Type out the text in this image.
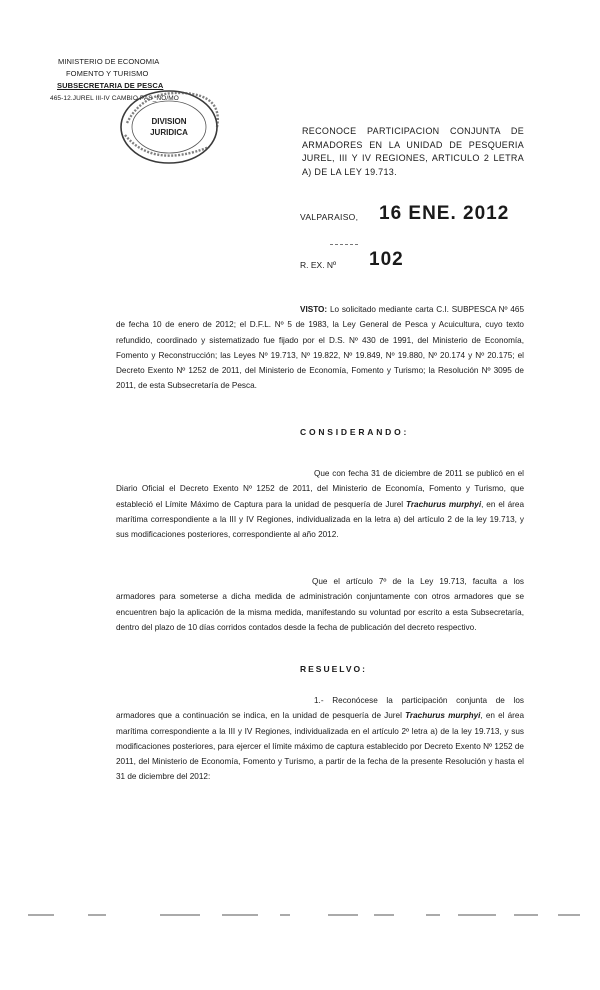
MINISTERIO DE ECONOMIA
FOMENTO Y TURISMO
SUBSECRETARIA DE PESCA
465-12.JUREL III-IV CAMBIO PAS_NO/MO
DIVISION
JURIDICA	RECONOCE PARTICIPACION CONJUNTA DE ARMADORES EN LA UNIDAD DE PESQUERIA JUREL, III Y IV REGIONES, ARTICULO 2 LETRA A) DE LA LEY 19.713.
VALPARAISO, 16 ENE. 2012
R. EX. Nº 102
VISTO: Lo solicitado mediante carta C.I. SUBPESCA Nº 465 de fecha 10 de enero de 2012; el D.F.L. Nº 5 de 1983, la Ley General de Pesca y Acuicultura, cuyo texto refundido, coordinado y sistematizado fue fijado por el D.S. Nº 430 de 1991, del Ministerio de Economía, Fomento y Reconstrucción; las Leyes Nº 19.713, Nº 19.822, Nº 19.849, Nº 19.880, Nº 20.174 y Nº 20.175; el Decreto Exento Nº 1252 de 2011, del Ministerio de Economía, Fomento y Turismo; la Resolución Nº 3095 de 2011, de esta Subsecretaría de Pesca.
CONSIDERANDO:
Que con fecha 31 de diciembre de 2011 se publicó en el Diario Oficial el Decreto Exento Nº 1252 de 2011, del Ministerio de Economía, Fomento y Turismo, que estableció el Límite Máximo de Captura para la unidad de pesquería de Jurel Trachurus murphyi, en el área marítima correspondiente a la III y IV Regiones, individualizada en la letra a) del artículo 2 de la ley 19.713, y sus modificaciones posteriores, correspondiente al año 2012.
Que el artículo 7º de la Ley 19.713, faculta a los armadores para someterse a dicha medida de administración conjuntamente con otros armadores que se encuentren bajo la aplicación de la misma medida, manifestando su voluntad por escrito a esta Subsecretaría, dentro del plazo de 10 días corridos contados desde la fecha de publicación del decreto respectivo.
RESUELVO:
1.- Reconócese la participación conjunta de los armadores que a continuación se indica, en la unidad de pesquería de Jurel Trachurus murphyi, en el área marítima correspondiente a la III y IV Regiones, individualizada en el artículo 2º letra a) de la ley 19.713, y sus modificaciones posteriores, para ejercer el límite máximo de captura establecido por Decreto Exento Nº 1252 de 2011, del Ministerio de Economía, Fomento y Turismo, a partir de la fecha de la presente Resolución y hasta el 31 de diciembre del 2012:
